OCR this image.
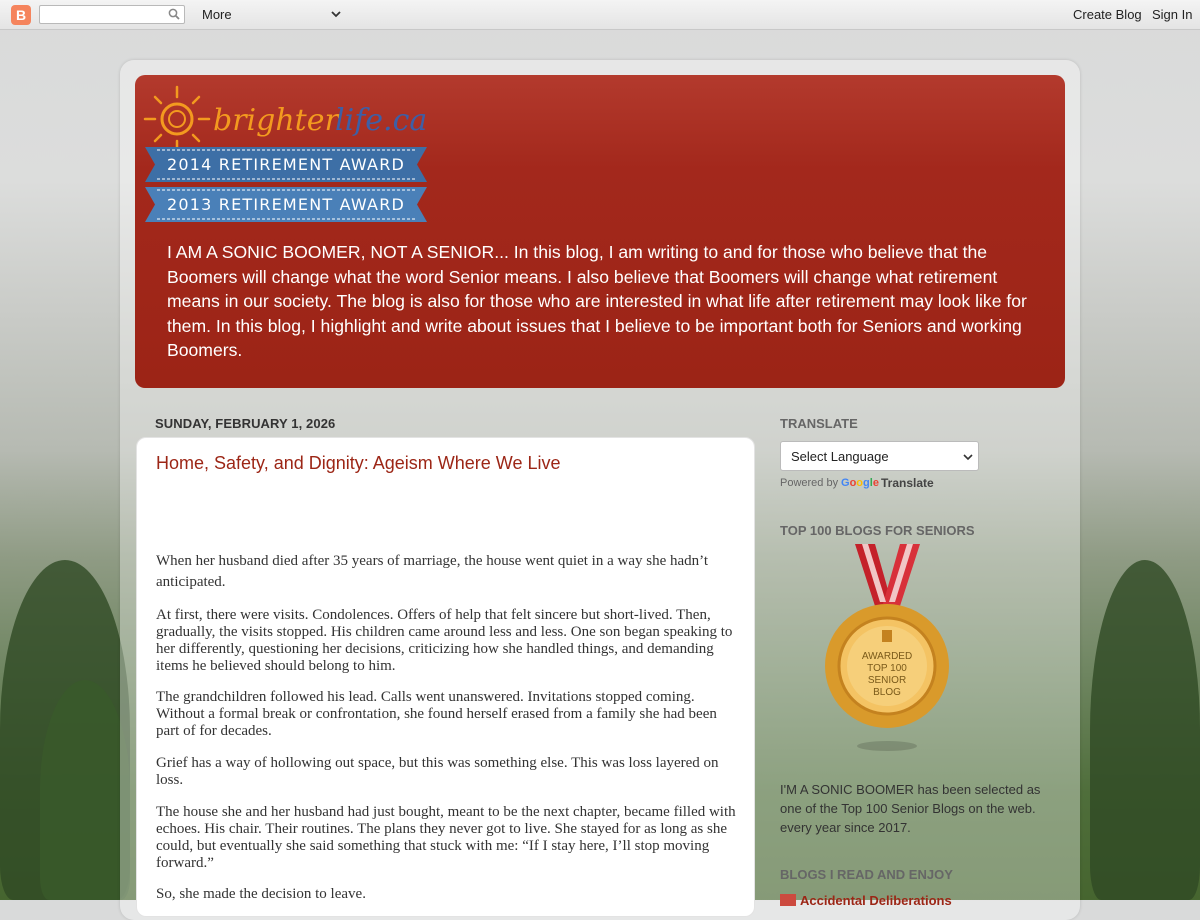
B	More	Create Blog Sign In
brighter
life.ca
2014 RETIREMENT AWARD
2013 RETIREMENT AWARD
I AM A SONIC BOOMER, NOT A SENIOR... In this blog, I am writing to and for those who believe that the Boomers will change what the word Senior means. I also believe that Boomers will change what retirement means in our society. The blog is also for those who are interested in what life after retirement may look like for them. In this blog, I highlight and write about issues that I believe to be important both for Seniors and working Boomers.
SUNDAY, FEBRUARY 1, 2026
Home, Safety, and Dignity: Ageism Where We Live

When her husband died after 35 years of marriage, the house went quiet in a way she hadn’t anticipated.

At first, there were visits. Condolences. Offers of help that felt sincere but short-lived. Then, gradually, the visits stopped. His children came around less and less. One son began speaking to her differently, questioning her decisions, criticizing how she handled things, and demanding items he believed should belong to him.

The grandchildren followed his lead. Calls went unanswered. Invitations stopped coming. Without a formal break or confrontation, she found herself erased from a family she had been part of for decades.

Grief has a way of hollowing out space, but this was something else. This was loss layered on loss.

The house she and her husband had just bought, meant to be the next chapter, became filled with echoes. His chair. Their routines. The plans they never got to live. She stayed for as long as she could, but eventually she said something that stuck with me: “If I stay here, I’ll stop moving forward.”

So, she made the decision to leave.

TRANSLATE
Select Language
Powered by Google Translate
TOP 100 BLOGS FOR SENIORS
AWARDED
TOP 100
SENIOR
BLOG
I'M A SONIC BOOMER has been selected as one of the Top 100 Senior Blogs on the web. every year since 2017.
BLOGS I READ AND ENJOY
Accidental Deliberations
